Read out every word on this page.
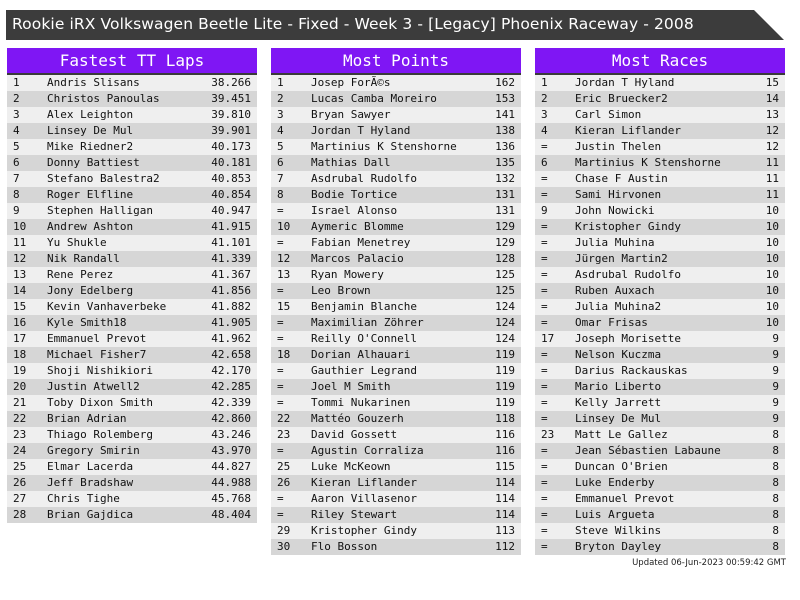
Rookie iRX Volkswagen Beetle Lite - Fixed - Week 3 - [Legacy] Phoenix Raceway - 2008
Fastest TT Laps
1 Andris Slisans	38.266
2 Christos Panoulas	39.451
3 Alex Leighton	39.810
4 Linsey De Mul	39.901
5 Mike Riedner2	40.173
6 Donny Battiest	40.181
7 Stefano Balestra2	40.853
8 Roger Elfline	40.854
9 Stephen Halligan	40.947
10 Andrew Ashton	41.915
11 Yu Shukle	41.101
12 Nik Randall	41.339
13 Rene Perez	41.367
14 Jony Edelberg	41.856
15 Kevin Vanhaverbeke	41.882
16 Kyle Smith18	41.905
17 Emmanuel Prevot	41.962
18 Michael Fisher7	42.658
19 Shoji Nishikiori	42.170
20 Justin Atwell2	42.285
21 Toby Dixon Smith	42.339
22 Brian Adrian	42.860
23 Thiago Rolemberg	43.246
24 Gregory Smirin	43.970
25 Elmar Lacerda	44.827
26 Jeff Bradshaw	44.988
27 Chris Tighe	45.768
28 Brian Gajdica	48.404
Most Points
1 Josep ForÃ©s	162
2 Lucas Camba Moreiro	153
3 Bryan Sawyer	141
4 Jordan T Hyland	138
5 Martinius K Stenshorne	136
6 Mathias Dall	135
7 Asdrubal Rudolfo	132
8 Bodie Tortice	131
= Israel Alonso	131
10 Aymeric Blomme	129
= Fabian Menetrey	129
12 Marcos Palacio	128
13 Ryan Mowery	125
= Leo Brown	125
15 Benjamin Blanche	124
= Maximilian Zöhrer	124
= Reilly O'Connell	124
18 Dorian Alhauari	119
= Gauthier Legrand	119
= Joel M Smith	119
= Tommi Nukarinen	119
22 Mattéo Gouzerh	118
23 David Gossett	116
= Agustin Corraliza	116
25 Luke McKeown	115
26 Kieran Liflander	114
= Aaron Villasenor	114
= Riley Stewart	114
29 Kristopher Gindy	113
30 Flo Bosson	112
Most Races
1 Jordan T Hyland	15
2 Eric Bruecker2	14
3 Carl Simon	13
4 Kieran Liflander	12
= Justin Thelen	12
6 Martinius K Stenshorne	11
= Chase F Austin	11
= Sami Hirvonen	11
9 John Nowicki	10
= Kristopher Gindy	10
= Julia Muhina	10
= Jürgen Martin2	10
= Asdrubal Rudolfo	10
= Ruben Auxach	10
= Julia Muhina2	10
= Omar Frisas	10
17 Joseph Morisette	9
= Nelson Kuczma	9
= Darius Rackauskas	9
= Mario Liberto	9
= Kelly Jarrett	9
= Linsey De Mul	9
23 Matt Le Gallez	8
= Jean Sébastien Labaune	8
= Duncan O'Brien	8
= Luke Enderby	8
= Emmanuel Prevot	8
= Luis Argueta	8
= Steve Wilkins	8
= Bryton Dayley	8
Updated 06-Jun-2023 00:59:42 GMT
